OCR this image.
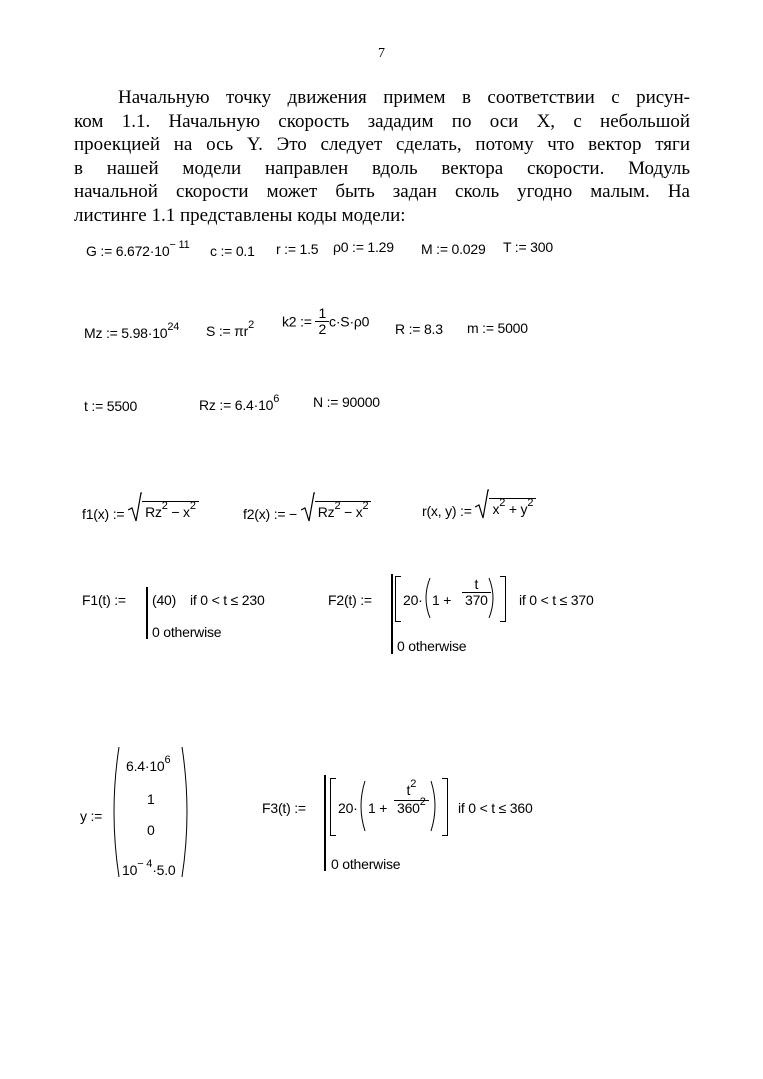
7
Начальную точку движения примем в соответствии с рисун-
ком 1.1. Начальную скорость зададим по оси X, с небольшой
проекцией на ось Y. Это следует сделать, потому что вектор тяги
в нашей модели направлен вдоль вектора скорости. Модуль
начальной скорости может быть задан сколь угодно малым. На
листинге 1.1 представлены коды модели:
G := $6.672\cdot 10^{- 11}$ c := 0.1 r := 1.5 ρ0 := 1.29 M := 0.029 T := 300
Mz := $5.98\cdot 10^{24}$ S := $\pi r^2$ k2 := $\frac{1}{2} c\cdot S\cdot\rho 0$ R := 8.3 m := 5000
t := 5500	Rz := $6.4\cdot 10^6$ N := 90000
f1(x) := $Rz^2 - x^2$	f2(x) := − $Rz^2 - x^2$	r(x, y) := $x^2 + y^2$
F1(t) := (40) if 0 < t ≤ 230
0 otherwise
F2(t) := $20\cdot 1 + \frac{t}{370}$ if 0 < t ≤ 370
0 otherwise
y :=
$6.4\cdot 10^6$
1
0
$10^{- 4}\cdot 5.0$
F3(t) := $20\cdot 1 + \frac{t^2}{360^2}$ if 0 < t ≤ 360
0 otherwise
